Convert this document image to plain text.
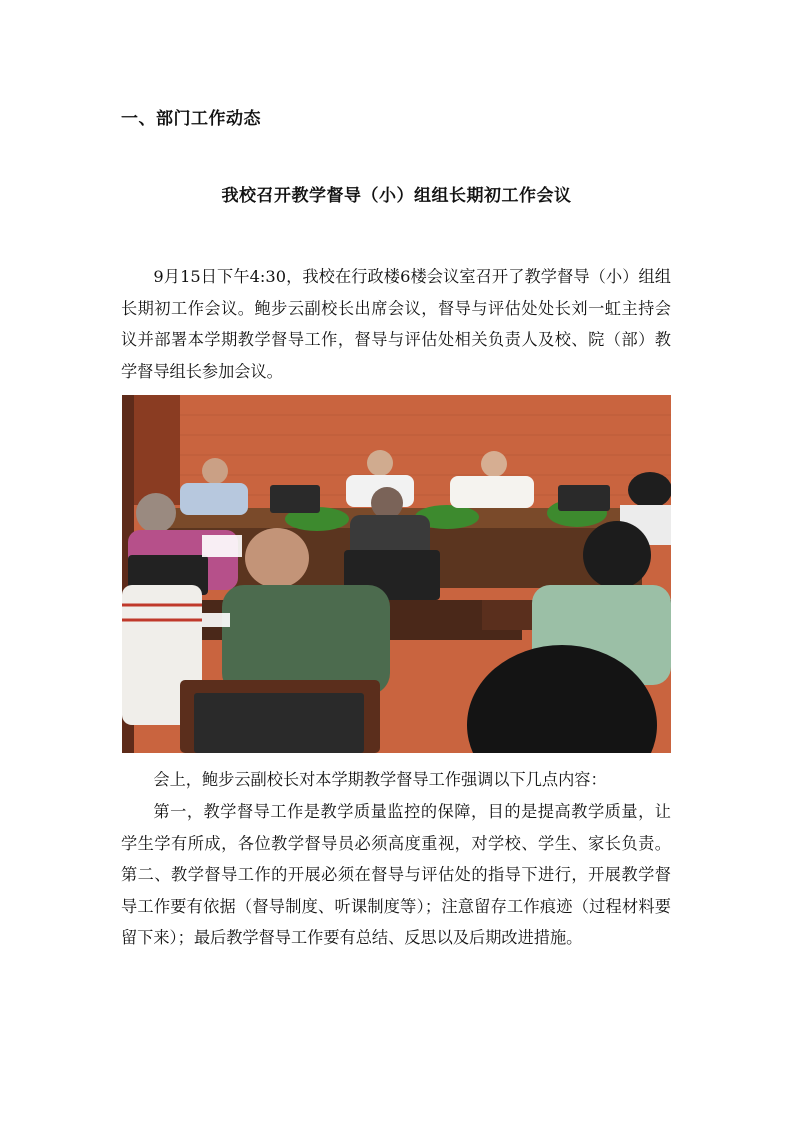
一、部门工作动态
我校召开教学督导（小）组组长期初工作会议

9月15日下午4:30，我校在行政楼6楼会议室召开了教学督导（小）组组长期初工作会议。鲍步云副校长出席会议，督导与评估处处长刘一虹主持会议并部署本学期教学督导工作，督导与评估处相关负责人及校、院（部）教学督导组长参加会议。

会上，鲍步云副校长对本学期教学督导工作强调以下几点内容：

第一，教学督导工作是教学质量监控的保障，目的是提高教学质量，让学生学有所成，各位教学督导员必须高度重视，对学校、学生、家长负责。第二、教学督导工作的开展必须在督导与评估处的指导下进行，开展教学督导工作要有依据（督导制度、听课制度等）；注意留存工作痕迹（过程材料要留下来）；最后教学督导工作要有总结、反思以及后期改进措施。
